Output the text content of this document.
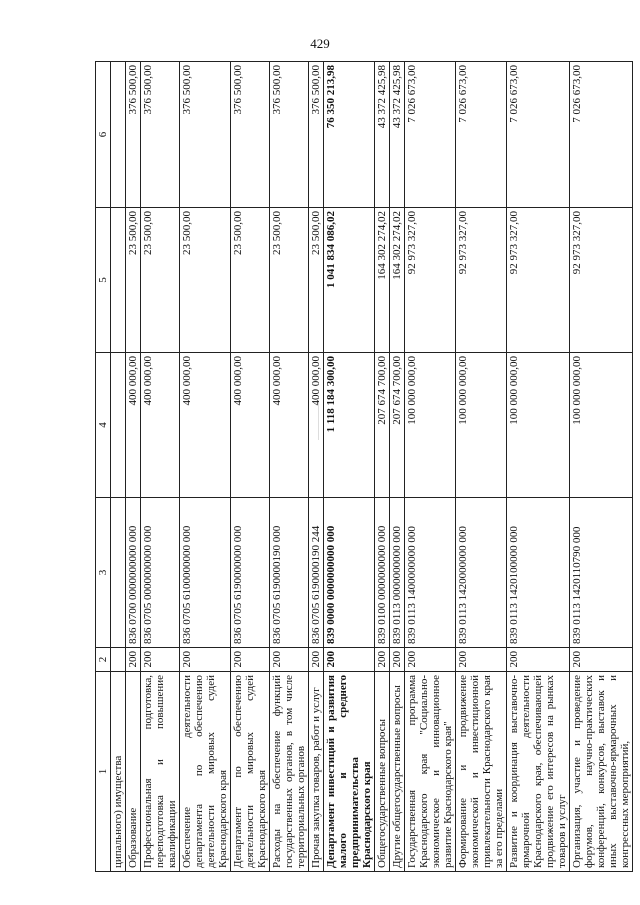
429
1	2	3	4	5	6
ципального) имущества					
Образование	200	836 0700 0000000000 000	400 000,00	23 500,00	376 500,00
Профессиональная подготовка, переподготовка и повышение квалификации	200	836 0705 0000000000 000	400 000,00	23 500,00	376 500,00
Обеспечение деятельности департамента по обеспечению деятельности мировых судей Краснодарского края	200	836 0705 6100000000 000	400 000,00	23 500,00	376 500,00
Департамент по обеспечению деятельности мировых судей Краснодарского края	200	836 0705 6190000000 000	400 000,00	23 500,00	376 500,00
Расходы на обеспечение функций государственных органов, в том числе территориальных органов	200	836 0705 6190000190 000	400 000,00	23 500,00	376 500,00
Прочая закупка товаров, работ и услуг	200	836 0705 6190000190 244	400 000,00	23 500,00	376 500,00
Департамент инвестиций и развития малого и среднего предпринимательства Краснодарского края	200	839 0000 0000000000 000	1 118 184 300,00	1 041 834 086,02	76 350 213,98
Общегосударственные вопросы	200	839 0100 0000000000 000	207 674 700,00	164 302 274,02	43 372 425,98
Другие общегосударственные вопросы	200	839 0113 0000000000 000	207 674 700,00	164 302 274,02	43 372 425,98
Государственная программа Краснодарского края "Социально-экономическое и инновационное развитие Краснодарского края"	200	839 0113 1400000000 000	100 000 000,00	92 973 327,00	7 026 673,00
Формирование и продвижение экономической и инвестиционной привлекательности Краснодарского края за его пределами	200	839 0113 1420000000 000	100 000 000,00	92 973 327,00	7 026 673,00
Развитие и координация выставочно-ярмарочной деятельности Краснодарского края, обеспечивающей продвижение его интересов на рынках товаров и услуг	200	839 0113 1420100000 000	100 000 000,00	92 973 327,00	7 026 673,00
Организация, участие и проведение форумов, научно-практических конференций, конкурсов, выставок и иных выставочно-ярмарочных и конгрессных мероприятий,	200	839 0113 1420110790 000	100 000 000,00	92 973 327,00	7 026 673,00
